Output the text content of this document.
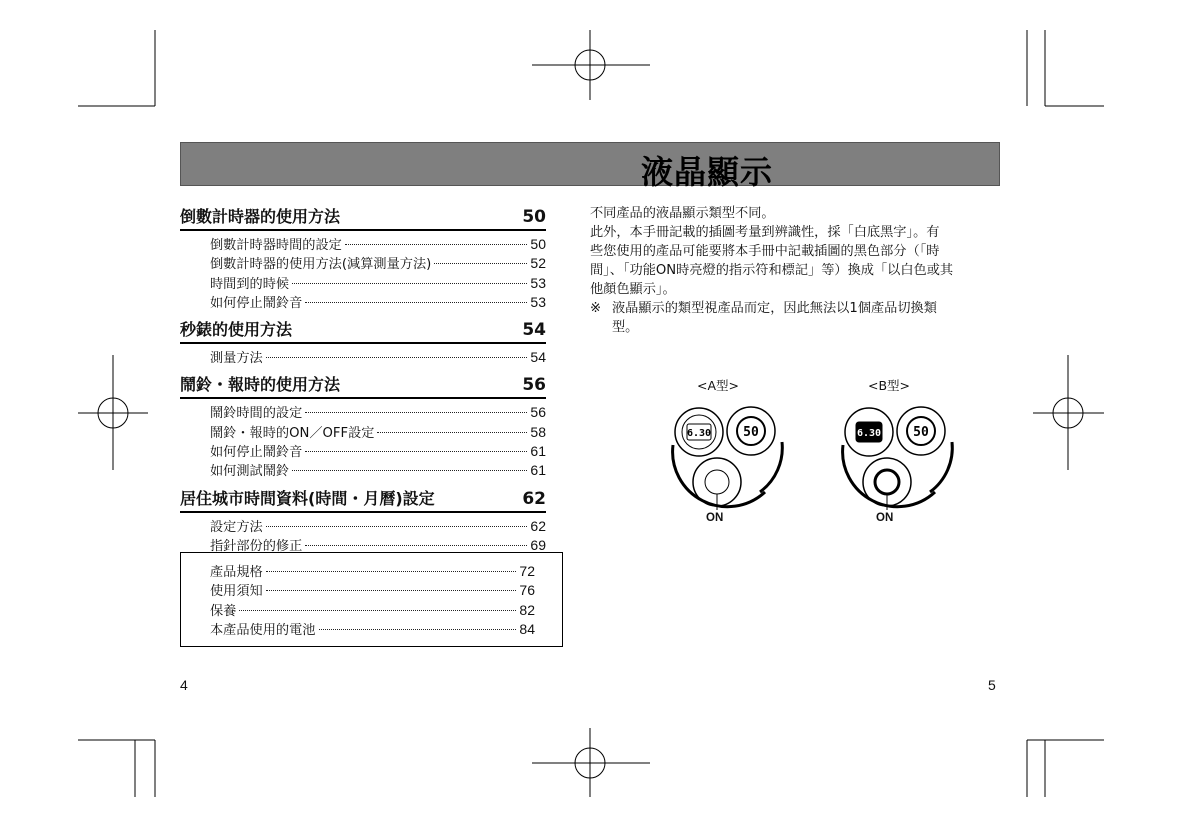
液晶顯示
倒數計時器的使用方法	50
倒數計時器時間的設定	50
倒數計時器的使用方法(減算測量方法)	52
時間到的時候	53
如何停止鬧鈴音	53
秒錶的使用方法	54
測量方法	54
鬧鈴・報時的使用方法	56
鬧鈴時間的設定	56
鬧鈴・報時的ON／OFF設定	58
如何停止鬧鈴音	61
如何測試鬧鈴	61
居住城市時間資料(時間・月曆)設定	62
設定方法	62
指針部份的修正	69
產品規格	72
使用須知	76
保養	82
本產品使用的電池	84
4	5

不同產品的液晶顯示類型不同。

此外，本手冊記載的插圖考量到辨識性，採「白底黑字」。有

些您使用的產品可能要將本手冊中記載插圖的黑色部分（「時

間」、「功能ON時亮燈的指示符和標記」等）換成「以白色或其

他顏色顯示」。

※ 液晶顯示的類型視產品而定，因此無法以1個產品切換類

型。

<A型>	<B型>
6.30 50	6.30 50
ON	ON
